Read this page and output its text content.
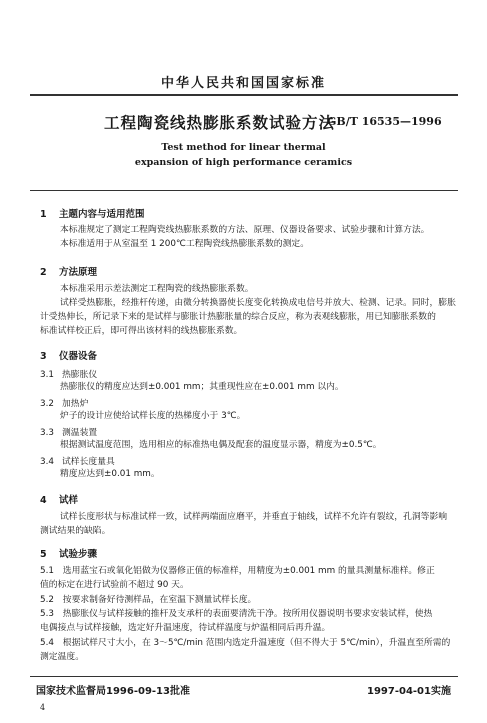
中华人民共和国国家标准
工程陶瓷线热膨胀系数试验方法
GB/T 16535—1996
Test method for linear thermal
expansion of high performance ceramics
1 主题内容与适用范围
本标准规定了测定工程陶瓷线热膨胀系数的方法、原理、仪器设备要求、试验步骤和计算方法。
本标准适用于从室温至 1 200℃工程陶瓷线热膨胀系数的测定。
2 方法原理
本标准采用示差法测定工程陶瓷的线热膨胀系数。
试样受热膨胀，经推杆传递，由微分转换器使长度变化转换成电信号并放大、检测、记录。同时，膨胀
计受热伸长，所记录下来的是试样与膨胀计热膨胀量的综合反应，称为表观线膨胀，用已知膨胀系数的
标准试样校正后，即可得出该材料的线热膨胀系数。
3 仪器设备
3.1 热膨胀仪
热膨胀仪的精度应达到±0.001 mm；其重现性应在±0.001 mm 以内。
3.2 加热炉
炉子的设计应使给试样长度的热梯度小于 3℃。
3.3 测温装置
根据测试温度范围，选用相应的标准热电偶及配套的温度显示器，精度为±0.5℃。
3.4 试样长度量具
精度应达到±0.01 mm。
4 试样
试样长度形状与标准试样一致，试样两端面应磨平，并垂直于轴线，试样不允许有裂纹，孔洞等影响
测试结果的缺陷。
5 试验步骤
5.1　选用蓝宝石或氧化铝做为仪器修正值的标准样，用精度为±0.001 mm 的量具测量标准样。修正
值的标定在进行试验前不超过 90 天。
5.2　按要求制备好待测样品，在室温下测量试样长度。
5.3　热膨胀仪与试样接触的推杆及支承杆的表面要清洗干净。按所用仪器说明书要求安装试样，使热
电偶接点与试样接触，选定好升温速度，待试样温度与炉温相同后再升温。
5.4　根据试样尺寸大小，在 3～5℃/min 范围内选定升温速度（但不得大于 5℃/min），升温直至所需的
测定温度。
国家技术监督局1996-09-13批准	1997-04-01实施
4
